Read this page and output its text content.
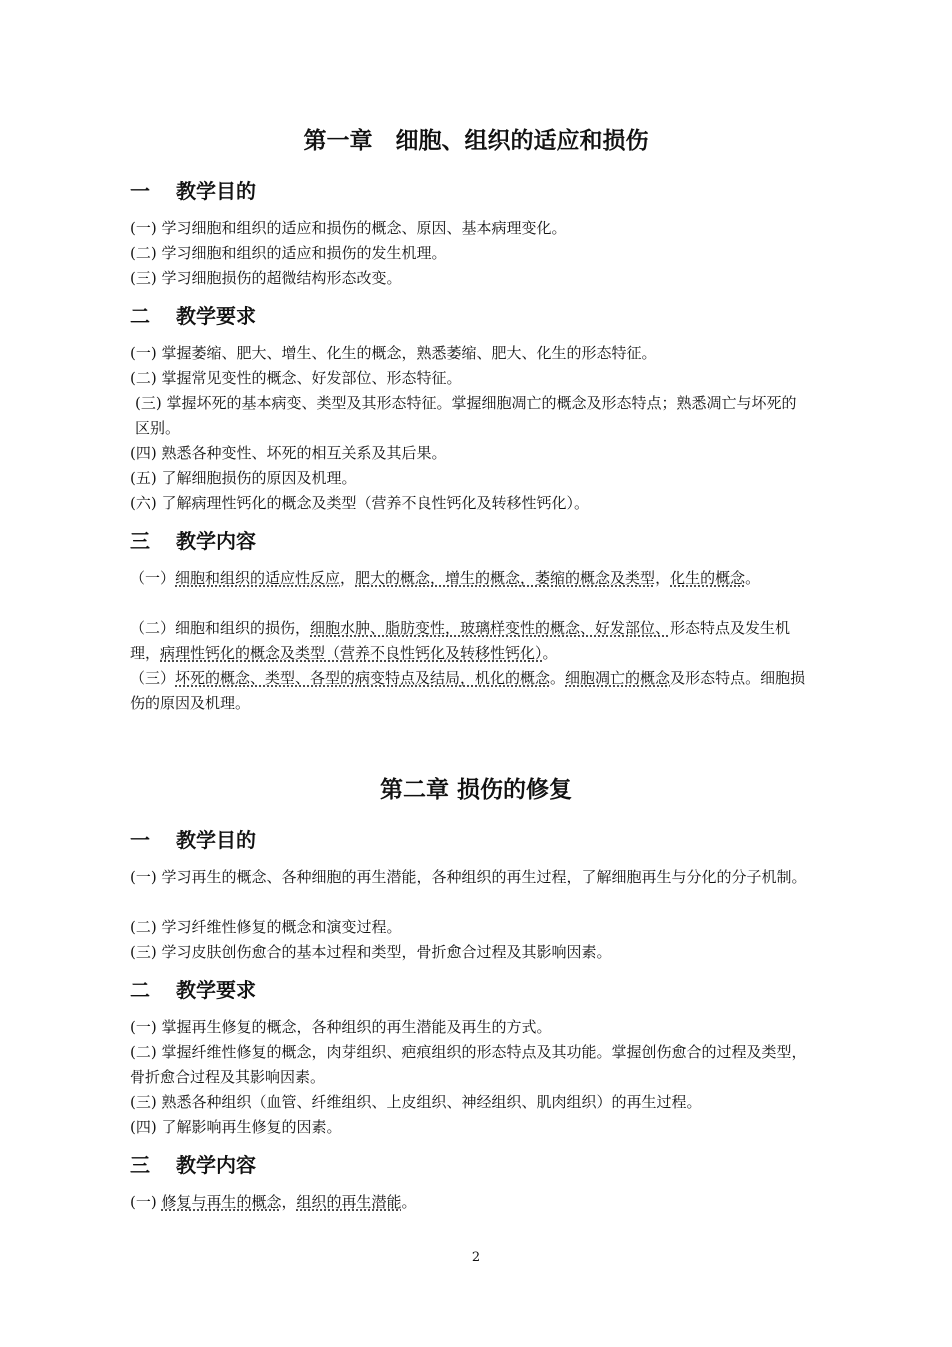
第一章　细胞、组织的适应和损伤
一 教学目的

(一) 学习细胞和组织的适应和损伤的概念、原因、基本病理变化。

(二) 学习细胞和组织的适应和损伤的发生机理。

(三) 学习细胞损伤的超微结构形态改变。

二 教学要求

(一) 掌握萎缩、肥大、增生、化生的概念，熟悉萎缩、肥大、化生的形态特征。

(二) 掌握常见变性的概念、好发部位、形态特征。

(三) 掌握坏死的基本病变、类型及其形态特征。掌握细胞凋亡的概念及形态特点；熟悉凋亡与坏死的区别。

(四) 熟悉各种变性、坏死的相互关系及其后果。

(五) 了解细胞损伤的原因及机理。

(六) 了解病理性钙化的概念及类型（营养不良性钙化及转移性钙化）。

三 教学内容

（一）细胞和组织的适应性反应，肥大的概念，增生的概念，萎缩的概念及类型，化生的概念。

（二）细胞和组织的损伤，细胞水肿、脂肪变性，玻璃样变性的概念、好发部位、形态特点及发生机理，病理性钙化的概念及类型（营养不良性钙化及转移性钙化）。

（三）坏死的概念、类型、各型的病变特点及结局，机化的概念。细胞凋亡的概念及形态特点。细胞损伤的原因及机理。

第二章 损伤的修复
一 教学目的

(一) 学习再生的概念、各种细胞的再生潜能，各种组织的再生过程，了解细胞再生与分化的分子机制。

(二) 学习纤维性修复的概念和演变过程。

(三) 学习皮肤创伤愈合的基本过程和类型，骨折愈合过程及其影响因素。

二 教学要求

(一) 掌握再生修复的概念，各种组织的再生潜能及再生的方式。

(二) 掌握纤维性修复的概念，肉芽组织、疤痕组织的形态特点及其功能。掌握创伤愈合的过程及类型，骨折愈合过程及其影响因素。

(三) 熟悉各种组织（血管、纤维组织、上皮组织、神经组织、肌肉组织）的再生过程。

(四) 了解影响再生修复的因素。

三 教学内容

(一) 修复与再生的概念，组织的再生潜能。

2
